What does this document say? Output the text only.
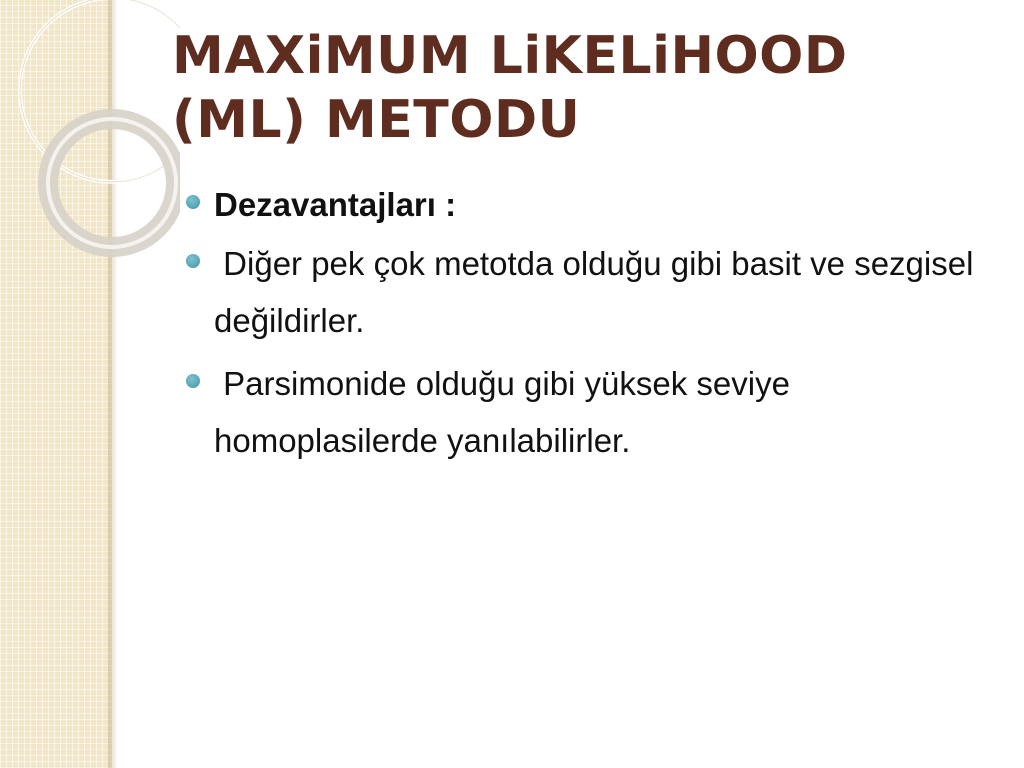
MAXiMUM LiKELiHOOD
(ML) METODU
Dezavantajları :
Diğer pek çok metotda olduğu gibi basit ve sezgisel değildirler.
Parsimonide olduğu gibi yüksek seviye homoplasilerde yanılabilirler.
